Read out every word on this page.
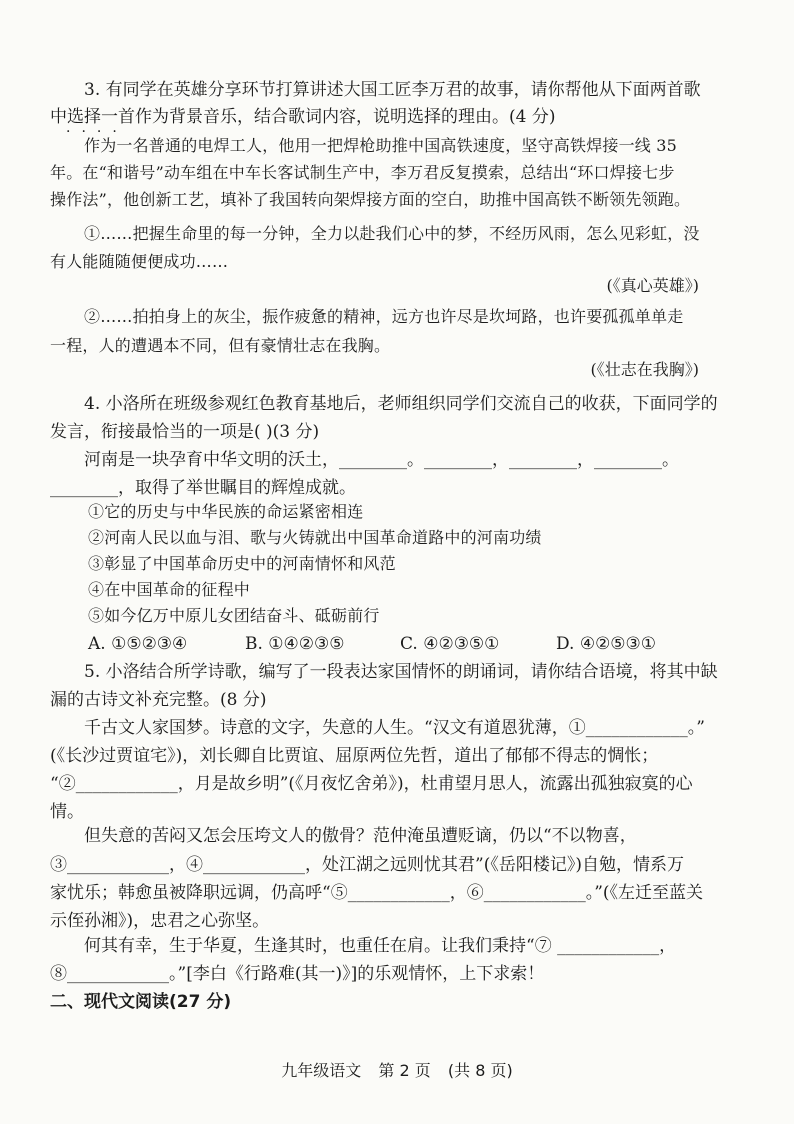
3. 有同学在英雄分享环节打算讲述大国工匠李万君的故事，请你帮他从下面两首歌

中选择一首作为背景音乐，结合歌词内容，说明选择的理由。(4 分)

····

作为一名普通的电焊工人，他用一把焊枪助推中国高铁速度，坚守高铁焊接一线 35

年。在“和谐号”动车组在中车长客试制生产中，李万君反复摸索，总结出“环口焊接七步

操作法”，他创新工艺，填补了我国转向架焊接方面的空白，助推中国高铁不断领先领跑。

①……把握生命里的每一分钟，全力以赴我们心中的梦，不经历风雨，怎么见彩虹，没

有人能随随便便成功……

(《真心英雄》)

②……拍拍身上的灰尘，振作疲惫的精神，远方也许尽是坎坷路，也许要孤孤单单走

一程，人的遭遇本不同，但有豪情壮志在我胸。

(《壮志在我胸》)

4. 小洛所在班级参观红色教育基地后，老师组织同学们交流自己的收获，下面同学的

发言，衔接最恰当的一项是( )(3 分)

河南是一块孕育中华文明的沃土，________。________，________，________。

________，取得了举世瞩目的辉煌成就。

①它的历史与中华民族的命运紧密相连

②河南人民以血与泪、歌与火铸就出中国革命道路中的河南功绩

③彰显了中国革命历史中的河南情怀和风范

④在中国革命的征程中

⑤如今亿万中原儿女团结奋斗、砥砺前行

A. ①⑤②③④	B. ①④②③⑤	C. ④②③⑤①	D. ④②⑤③①

5. 小洛结合所学诗歌，编写了一段表达家国情怀的朗诵词，请你结合语境，将其中缺

漏的古诗文补充完整。(8 分)

千古文人家国梦。诗意的文字，失意的人生。“汉文有道恩犹薄，①____________。”

(《长沙过贾谊宅》)，刘长卿自比贾谊、屈原两位先哲，道出了郁郁不得志的惆怅；

“②____________，月是故乡明”(《月夜忆舍弟》)，杜甫望月思人，流露出孤独寂寞的心

情。

但失意的苦闷又怎会压垮文人的傲骨？范仲淹虽遭贬谪，仍以“不以物喜，

③____________，④____________，处江湖之远则忧其君”(《岳阳楼记》)自勉，情系万

家忧乐；韩愈虽被降职远调，仍高呼“⑤____________，⑥____________。”(《左迁至蓝关

示侄孙湘》)，忠君之心弥坚。

何其有幸，生于华夏，生逢其时，也重任在肩。让我们秉持“⑦ ____________，

⑧____________。”[李白《行路难(其一)》]的乐观情怀，上下求索！

二、现代文阅读(27 分)

九年级语文 第 2 页 (共 8 页)
